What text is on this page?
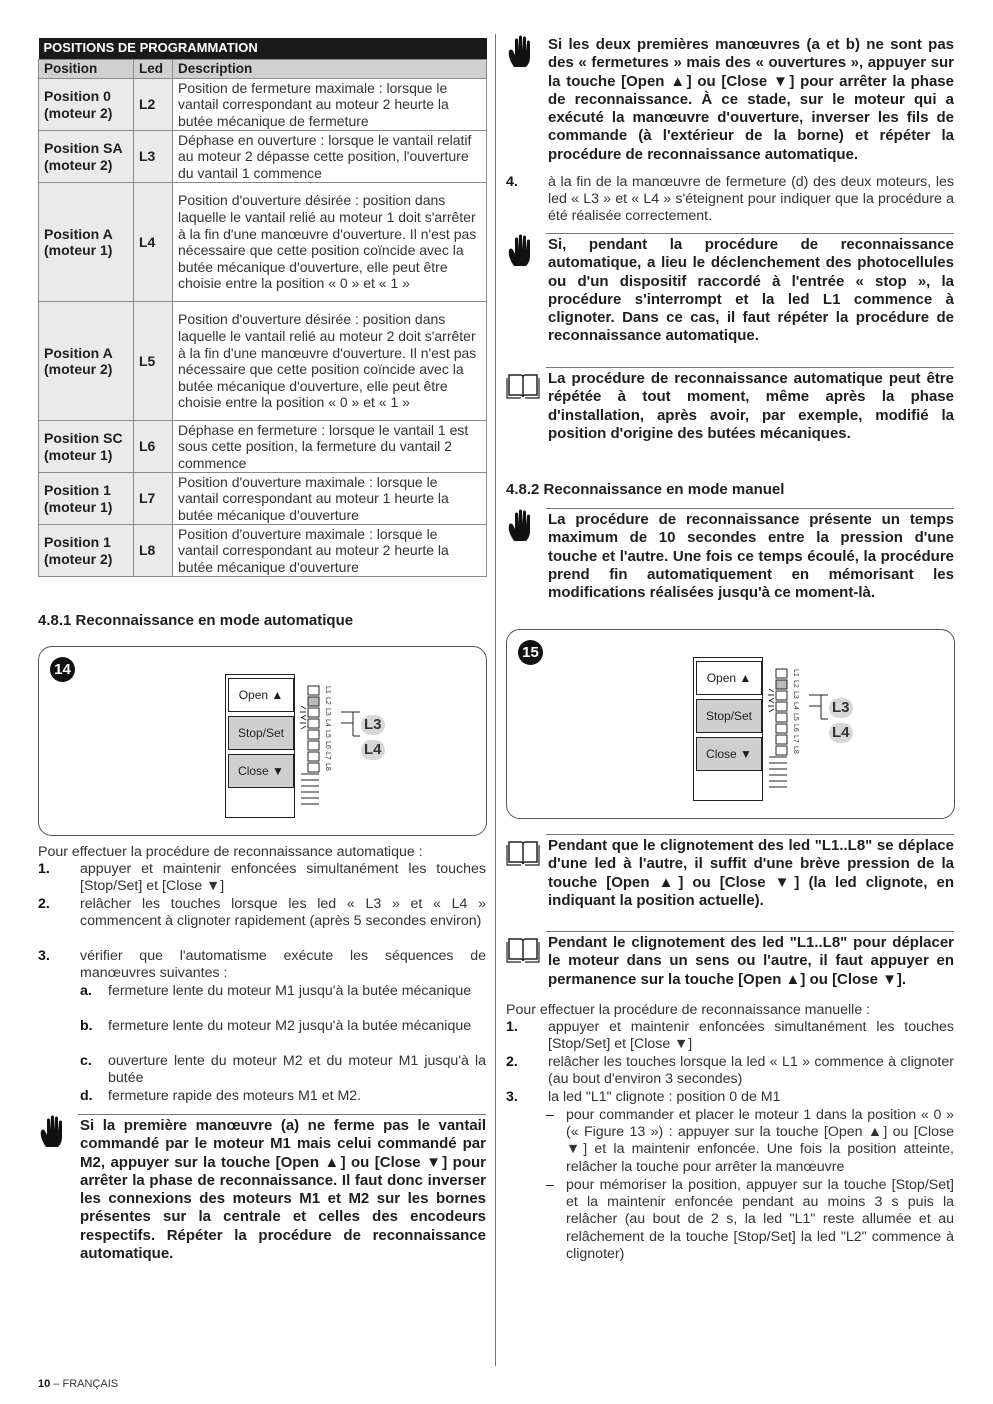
POSITIONS DE PROGRAMMATION		
Position	Led	Description
Position 0
(moteur 2)	L2	Position de fermeture maximale : lorsque le vantail correspondant au moteur 2 heurte la butée mécanique de fermeture
Position SA
(moteur 2)	L3	Déphase en ouverture : lorsque le vantail relatif au moteur 2 dépasse cette position, l'ouverture du vantail 1 commence
Position A
(moteur 1)	L4	Position d'ouverture désirée : position dans laquelle le vantail relié au moteur 1 doit s'arrêter à la fin d'une manœuvre d'ouverture. Il n'est pas nécessaire que cette position coïncide avec la butée mécanique d'ouverture, elle peut être choisie entre la position « 0 » et « 1 »
Position A
(moteur 2)	L5	Position d'ouverture désirée : position dans laquelle le vantail relié au moteur 2 doit s'arrêter à la fin d'une manœuvre d'ouverture. Il n'est pas nécessaire que cette position coïncide avec la butée mécanique d'ouverture, elle peut être choisie entre la position « 0 » et « 1 »
Position SC
(moteur 1)	L6	Déphase en fermeture : lorsque le vantail 1 est sous cette position, la fermeture du vantail 2 commence
Position 1
(moteur 1)	L7	Position d'ouverture maximale : lorsque le vantail correspondant au moteur 1 heurte la butée mécanique d'ouverture
Position 1
(moteur 2)	L8	Position d'ouverture maximale : lorsque le vantail correspondant au moteur 2 heurte la butée mécanique d'ouverture
4.8.1 Reconnaissance en mode automatique
14
Open ▲
Stop/Set
Close ▼
L1
L2
L3
L4
L5
L6
L7
L8
L3
L4
Pour effectuer la procédure de reconnaissance automatique :
1. appuyer et maintenir enfoncées simultanément les touches [Stop/Set] et [Close ▼]
2. relâcher les touches lorsque les led « L3 » et « L4 » commencent à clignoter rapidement (après 5 secondes environ)
3. vérifier que l'automatisme exécute les séquences de manœuvres suivantes :
a. fermeture lente du moteur M1 jusqu'à la butée mécanique
b. fermeture lente du moteur M2 jusqu'à la butée mécanique
c. ouverture lente du moteur M2 et du moteur M1 jusqu'à la butée
d. fermeture rapide des moteurs M1 et M2.
Si la première manœuvre (a) ne ferme pas le vantail commandé par le moteur M1 mais celui commandé par M2, appuyer sur la touche [Open ▲] ou [Close ▼] pour arrêter la phase de reconnaissance. Il faut donc inverser les connexions des moteurs M1 et M2 sur les bornes présentes sur la centrale et celles des encodeurs respectifs. Répéter la procédure de reconnaissance automatique.
10 – FRANÇAIS
Si les deux premières manœuvres (a et b) ne sont pas des « fermetures » mais des « ouvertures », appuyer sur la touche [Open ▲] ou [Close ▼] pour arrêter la phase de reconnaissance. À ce stade, sur le moteur qui a exécuté la manœuvre d'ouverture, inverser les fils de commande (à l'extérieur de la borne) et répéter la procédure de reconnaissance automatique.
4. à la fin de la manœuvre de fermeture (d) des deux moteurs, les led « L3 » et « L4 » s'éteignent pour indiquer que la procédure a été réalisée correctement.
Si, pendant la procédure de reconnaissance automatique, a lieu le déclenchement des photocellules ou d'un dispositif raccordé à l'entrée « stop », la procédure s'interrompt et la led L1 commence à clignoter. Dans ce cas, il faut répéter la procédure de reconnaissance automatique.
La procédure de reconnaissance automatique peut être répétée à tout moment, même après la phase d'installation, après avoir, par exemple, modifié la position d'origine des butées mécaniques.
4.8.2 Reconnaissance en mode manuel
La procédure de reconnaissance présente un temps maximum de 10 secondes entre la pression d'une touche et l'autre. Une fois ce temps écoulé, la procédure prend fin automatiquement en mémorisant les modifications réalisées jusqu'à ce moment-là.
15
Open ▲
Stop/Set
Close ▼
L1
L2
L3
L4
L5
L6
L7
L8
L3
L4
Pendant que le clignotement des led "L1..L8" se déplace d'une led à l'autre, il suffit d'une brève pression de la touche [Open ▲] ou [Close ▼] (la led clignote, en indiquant la position actuelle).
Pendant le clignotement des led "L1..L8" pour déplacer le moteur dans un sens ou l'autre, il faut appuyer en permanence sur la touche [Open ▲] ou [Close ▼].
Pour effectuer la procédure de reconnaissance manuelle :
1. appuyer et maintenir enfoncées simultanément les touches [Stop/Set] et [Close ▼]
2. relâcher les touches lorsque la led « L1 » commence à clignoter (au bout d'environ 3 secondes)
3. la led "L1" clignote : position 0 de M1
– pour commander et placer le moteur 1 dans la position « 0 » (« Figure 13 ») : appuyer sur la touche [Open ▲] ou [Close ▼] et la maintenir enfoncée. Une fois la position atteinte, relâcher la touche pour arrêter la manœuvre
– pour mémoriser la position, appuyer sur la touche [Stop/Set] et la maintenir enfoncée pendant au moins 3 s puis la relâcher (au bout de 2 s, la led "L1" reste allumée et au relâchement de la touche [Stop/Set] la led "L2" commence à clignoter)
